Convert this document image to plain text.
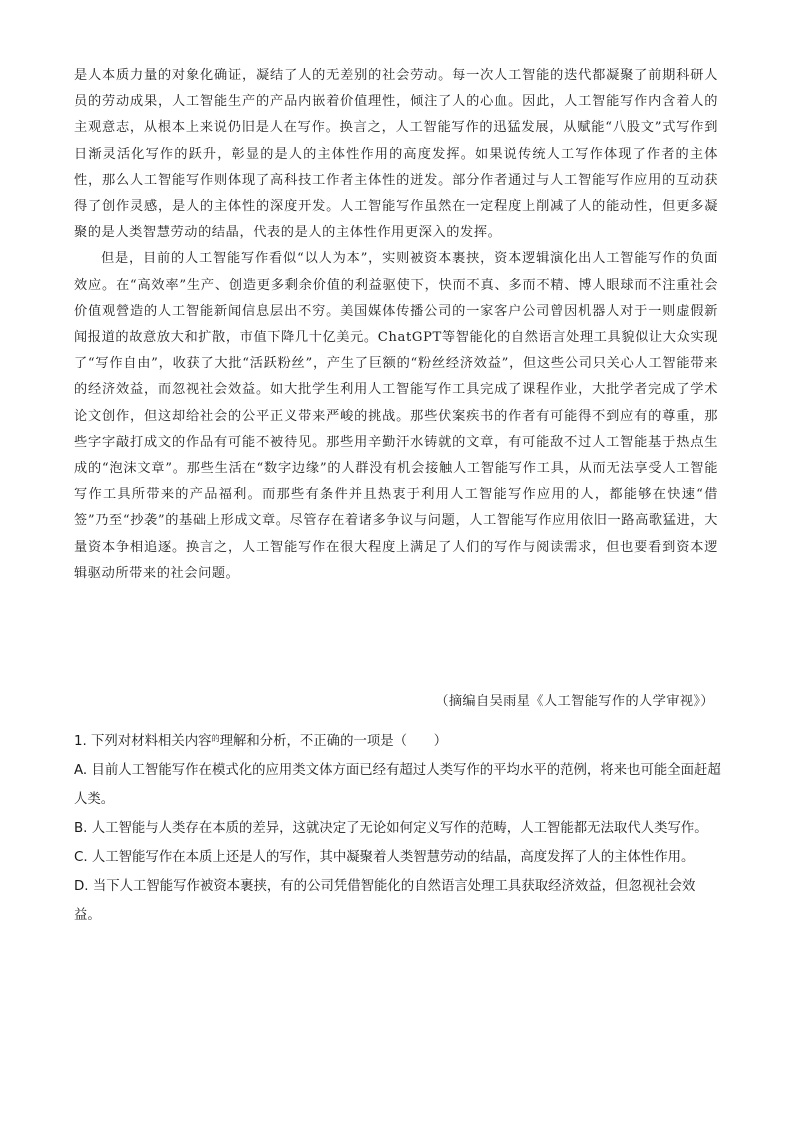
是人本质力量的对象化确证，凝结了人的无差别的社会劳动。每一次人工智能的迭代都凝聚了前期科研人员的劳动成果，人工智能生产的产品内嵌着价值理性，倾注了人的心血。因此，人工智能写作内含着人的主观意志，从根本上来说仍旧是人在写作。换言之，人工智能写作的迅猛发展，从赋能“八股文”式写作到日渐灵活化写作的跃升，彰显的是人的主体性作用的高度发挥。如果说传统人工写作体现了作者的主体性，那么人工智能写作则体现了高科技工作者主体性的迸发。部分作者通过与人工智能写作应用的互动获得了创作灵感，是人的主体性的深度开发。人工智能写作虽然在一定程度上削减了人的能动性，但更多凝聚的是人类智慧劳动的结晶，代表的是人的主体性作用更深入的发挥。

但是，目前的人工智能写作看似“以人为本”，实则被资本裹挟，资本逻辑演化出人工智能写作的负面效应。在“高效率”生产、创造更多剩余价值的利益驱使下，快而不真、多而不精、博人眼球而不注重社会价值观營造的人工智能新闻信息层出不穷。美国媒体传播公司的一家客户公司曾因机器人对于一则虚假新闻报道的故意放大和扩散，市值下降几十亿美元。ChatGPT等智能化的自然语言处理工具貌似让大众实现了“写作自由”，收获了大批“活跃粉丝”，产生了巨额的“粉丝经济效益”，但这些公司只关心人工智能带来的经济效益，而忽视社会效益。如大批学生利用人工智能写作工具完成了课程作业，大批学者完成了学术论文创作，但这却给社会的公平正义带来严峻的挑战。那些伏案疾书的作者有可能得不到应有的尊重，那些字字敲打成文的作品有可能不被待见。那些用辛勤汗水铸就的文章，有可能敌不过人工智能基于热点生成的“泡沫文章”。那些生活在“数字边缘”的人群没有机会接触人工智能写作工具，从而无法享受人工智能写作工具所带来的产品福利。而那些有条件并且热衷于利用人工智能写作应用的人，都能够在快速“借签”乃至“抄袭”的基础上形成文章。尽管存在着诸多争议与问题，人工智能写作应用依旧一路高歌猛进，大量资本争相追逐。换言之，人工智能写作在很大程度上满足了人们的写作与阅读需求，但也要看到资本逻辑驱动所带来的社会问题。

（摘编自吴雨星《人工智能写作的人学审视》）

1. 下列对材料相关内容$^的$理解和分析，不正确的一项是（　　）

A. 目前人工智能写作在模式化的应用类文体方面已经有超过人类写作的平均水平的范例，将来也可能全面赶超人类。

B. 人工智能与人类存在本质的差异，这就决定了无论如何定义写作的范畴，人工智能都无法取代人类写作。

C. 人工智能写作在本质上还是人的写作，其中凝聚着人类智慧劳动的结晶，高度发挥了人的主体性作用。

D. 当下人工智能写作被资本裹挟，有的公司凭借智能化的自然语言处理工具获取经济效益，但忽视社会效益。
